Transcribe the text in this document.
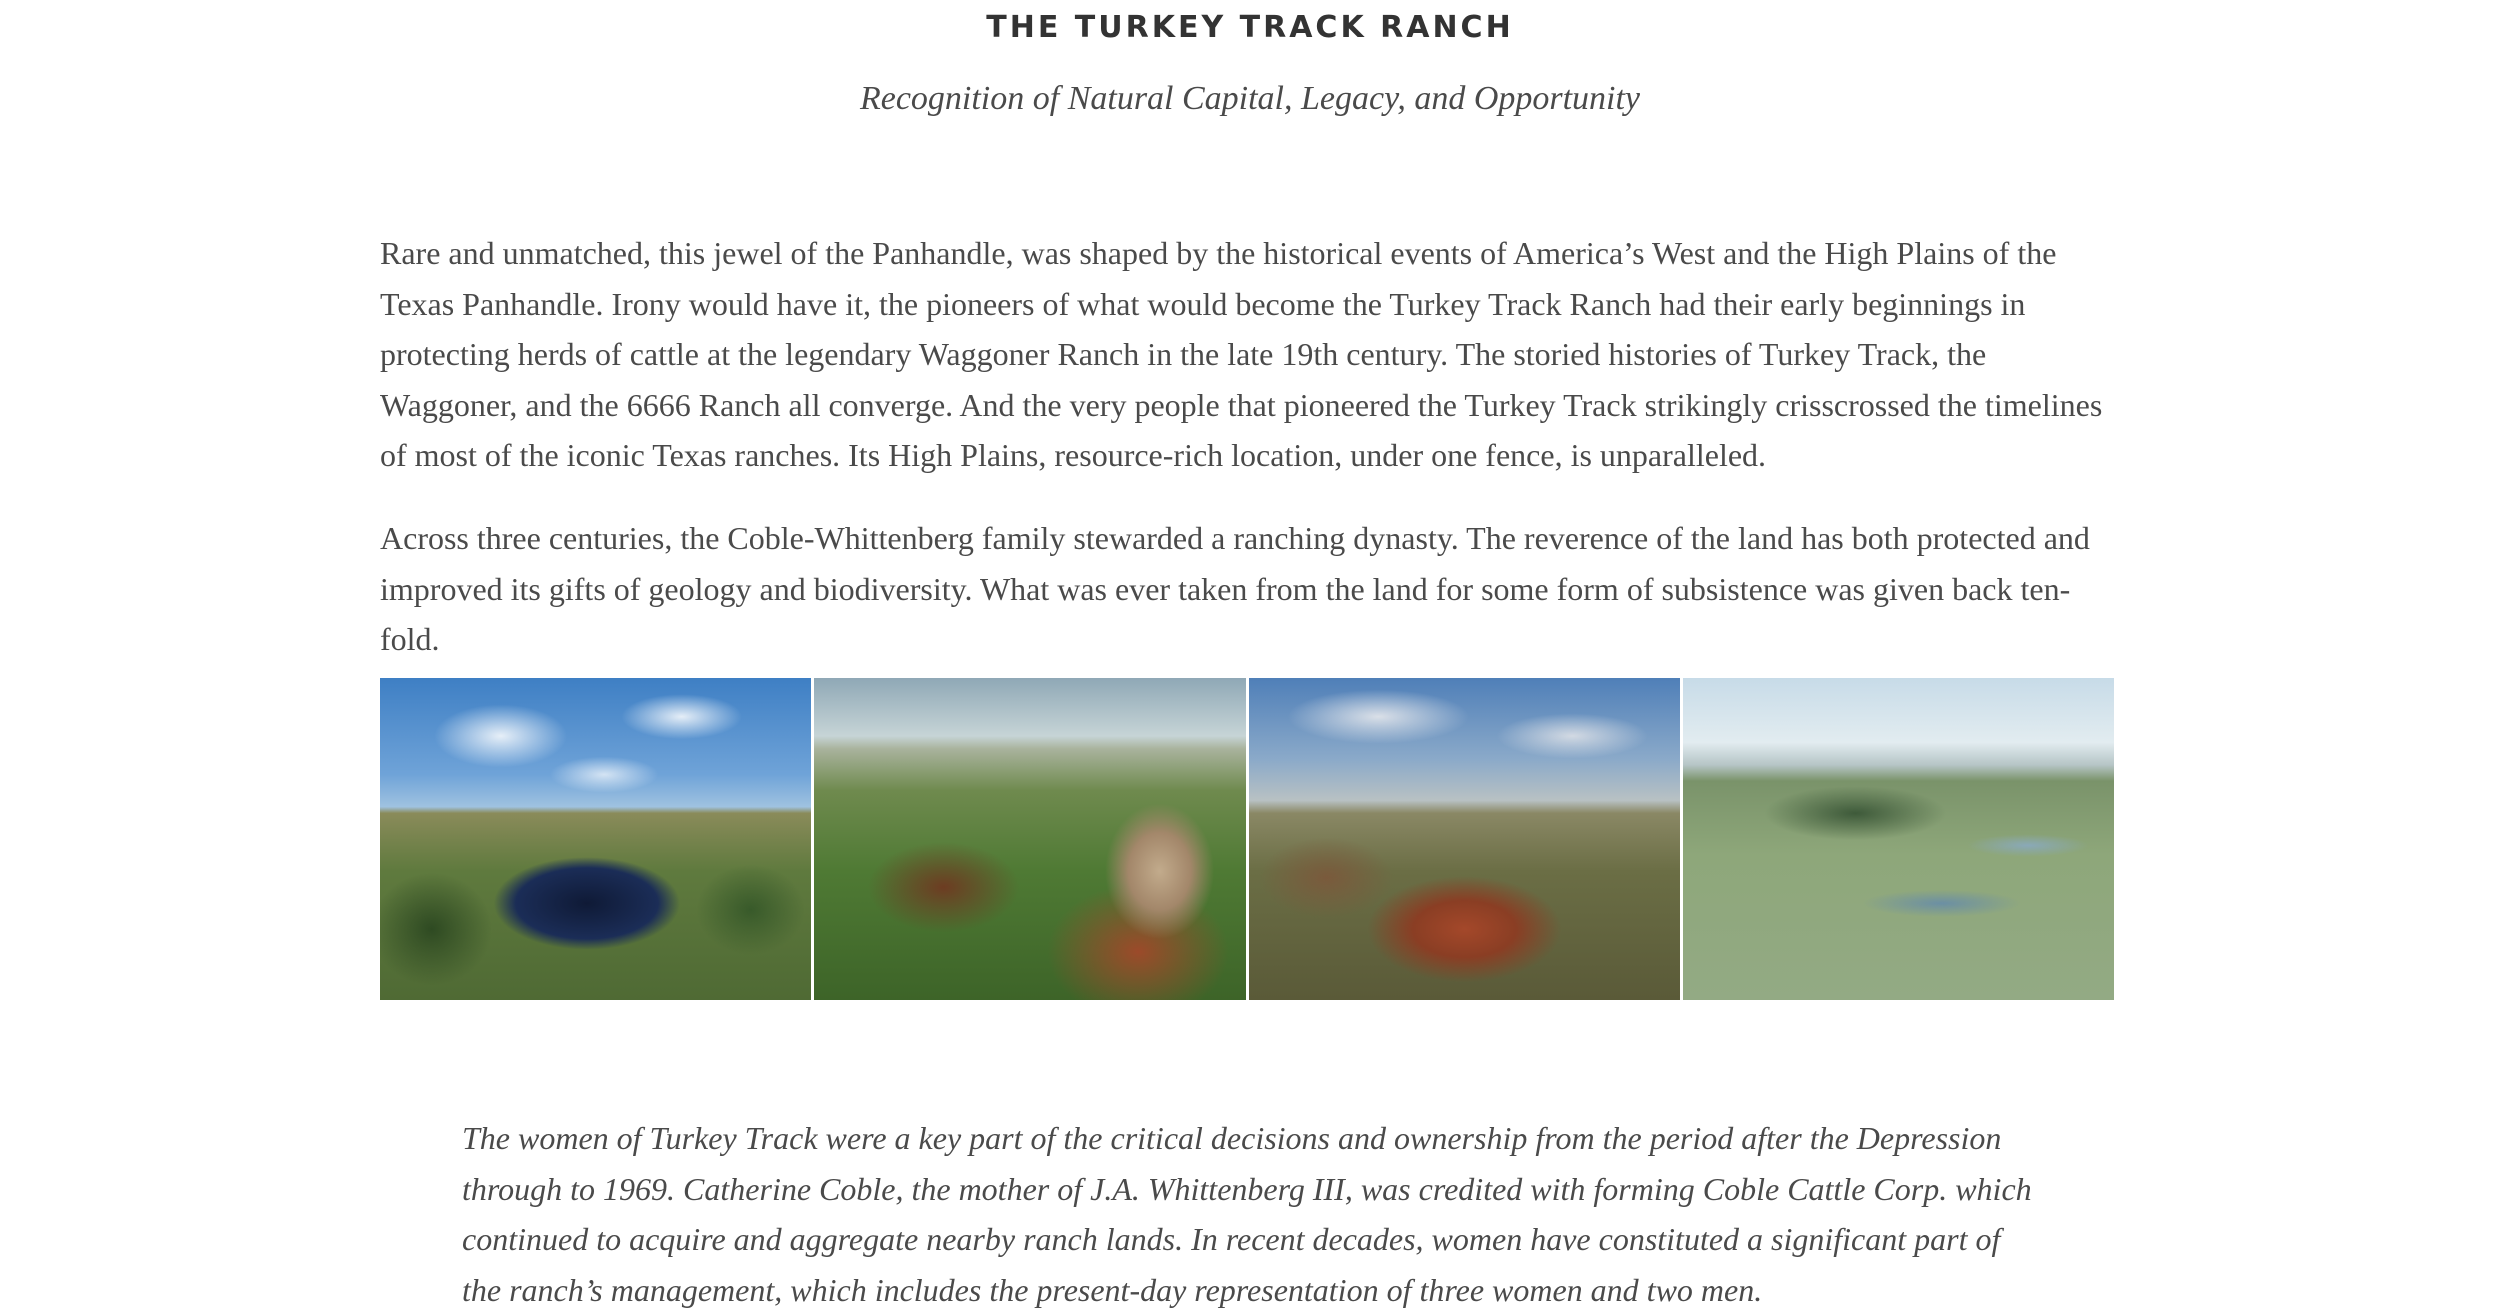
THE TURKEY TRACK RANCH
Recognition of Natural Capital, Legacy, and Opportunity

Rare and unmatched, this jewel of the Panhandle, was shaped by the historical events of America’s West and the High Plains of the Texas Panhandle. Irony would have it, the pioneers of what would become the Turkey Track Ranch had their early beginnings in protecting herds of cattle at the legendary Waggoner Ranch in the late 19th century. The storied histories of Turkey Track, the Waggoner, and the 6666 Ranch all converge. And the very people that pioneered the Turkey Track strikingly crisscrossed the timelines of most of the iconic Texas ranches. Its High Plains, resource-rich location, under one fence, is unparalleled.

Across three centuries, the Coble-Whittenberg family stewarded a ranching dynasty. The reverence of the land has both protected and improved its gifts of geology and biodiversity. What was ever taken from the land for some form of subsistence was given back ten-fold.

The women of Turkey Track were a key part of the critical decisions and ownership from the period after the Depression through to 1969. Catherine Coble, the mother of J.A. Whittenberg III, was credited with forming Coble Cattle Corp. which continued to acquire and aggregate nearby ranch lands. In recent decades, women have constituted a significant part of the ranch’s management, which includes the present-day representation of three women and two men.
